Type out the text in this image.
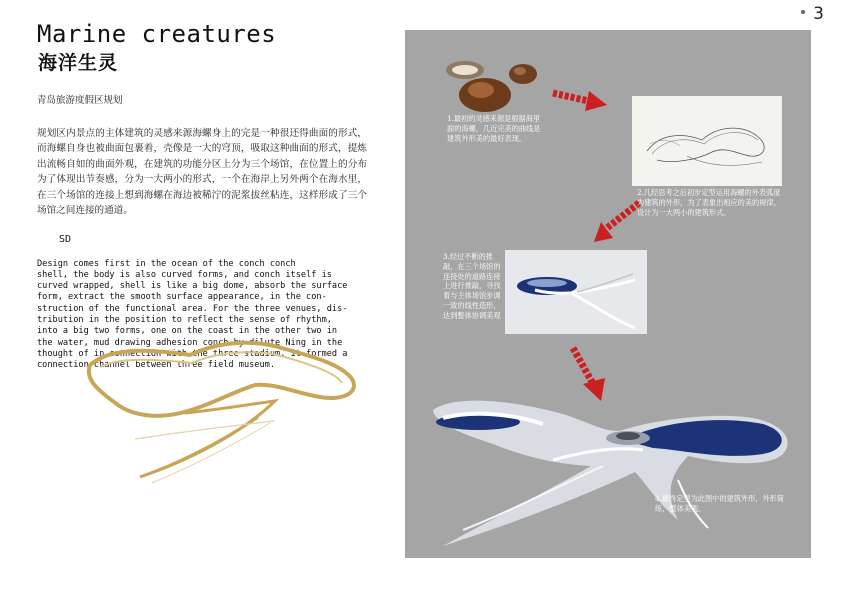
3
Marine creatures
海洋生灵
青岛旅游度假区规划
规划区内景点的主体建筑的灵感来源海螺身上的完是一种很还得曲面的形式，而海螺自身也被曲面包裹着，壳像是一大的穹顶，吸取这种曲面的形式，提炼出流畅自如的曲面外观，在建筑的功能分区上分为三个场馆，在位置上的分布为了体现出节奏感，分为一大两小的形式，一个在海岸上另外两个在海水里，在三个场馆的连接上想到海螺在海边被稀泞的泥浆拔丝粘连，这样形成了三个场馆之间连接的通道。

SD

Design comes first in the ocean of the conch conch
shell, the body is also curved forms, and conch itself is
curved wrapped, shell is like a big dome, absorb the surface
form, extract the smooth surface appearance, in the con-
struction of the functional area. For the three venues, dis-
tribution in the position to reflect the sense of rhythm,
into a big two forms, one on the coast in the other two in
the water, mud drawing adhesion conch by dilute Ning in the
thought of in connection with the three stadium, it formed a
connection channel between three field museum.

1.最初的灵感来源是根据海里面的海螺，几近完美的曲线是建筑外形美的最好表现。
2.几经思考之后初步定型运用海螺的外表弧度为建筑的外形，为了表象出相应的美的规律，设计为一大两小的建筑形式。
3.经过不断的推敲，在三个场馆的连接处的道路连接上进行推敲，寻找着与主体场馆步调一致的线性造形，达到整体协调美观
4.最终定型为此图中的建筑外形，外形简练，整体美观。
